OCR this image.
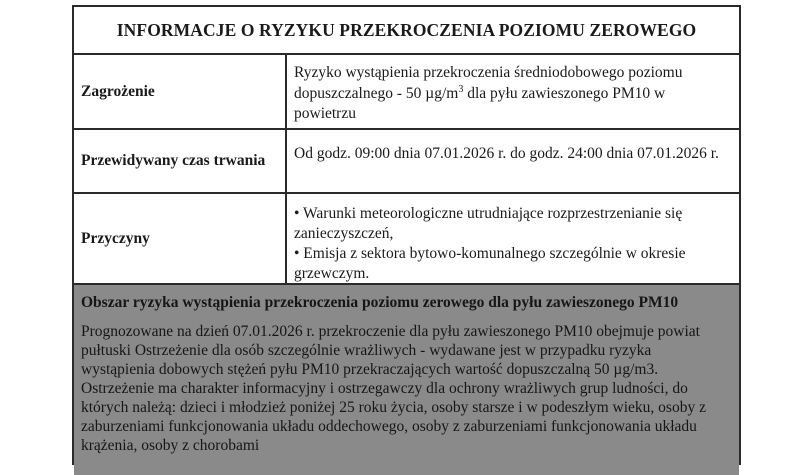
INFORMACJE O RYZYKU PRZEKROCZENIA POZIOMU ZEROWEGO
Zagrożenie
Ryzyko wystąpienia przekroczenia średniodobowego poziomu dopuszczalnego - 50 $\mu g/m^3$ dla pyłu zawieszonego PM10 w powietrzu
Przewidywany czas trwania	Od godz. 09:00 dnia 07.01.2026 r. do godz. 24:00 dnia 07.01.2026 r.
Przyczyny
• Warunki meteorologiczne utrudniające rozprzestrzenianie się zanieczyszczeń,
• Emisja z sektora bytowo-komunalnego szczególnie w okresie grzewczym.
Obszar ryzyka wystąpienia przekroczenia poziomu zerowego dla pyłu zawieszonego PM10
Prognozowane na dzień 07.01.2026 r. przekroczenie dla pyłu zawieszonego PM10 obejmuje powiat pułtuski Ostrzeżenie dla osób szczególnie wrażliwych - wydawane jest w przypadku ryzyka wystąpienia dobowych stężeń pyłu PM10 przekraczających wartość dopuszczalną 50 µg/m3. Ostrzeżenie ma charakter informacyjny i ostrzegawczy dla ochrony wrażliwych grup ludności, do których należą: dzieci i młodzież poniżej 25 roku życia, osoby starsze i w podeszłym wieku, osoby z zaburzeniami funkcjonowania układu oddechowego, osoby z zaburzeniami funkcjonowania układu krążenia, osoby z chorobami
